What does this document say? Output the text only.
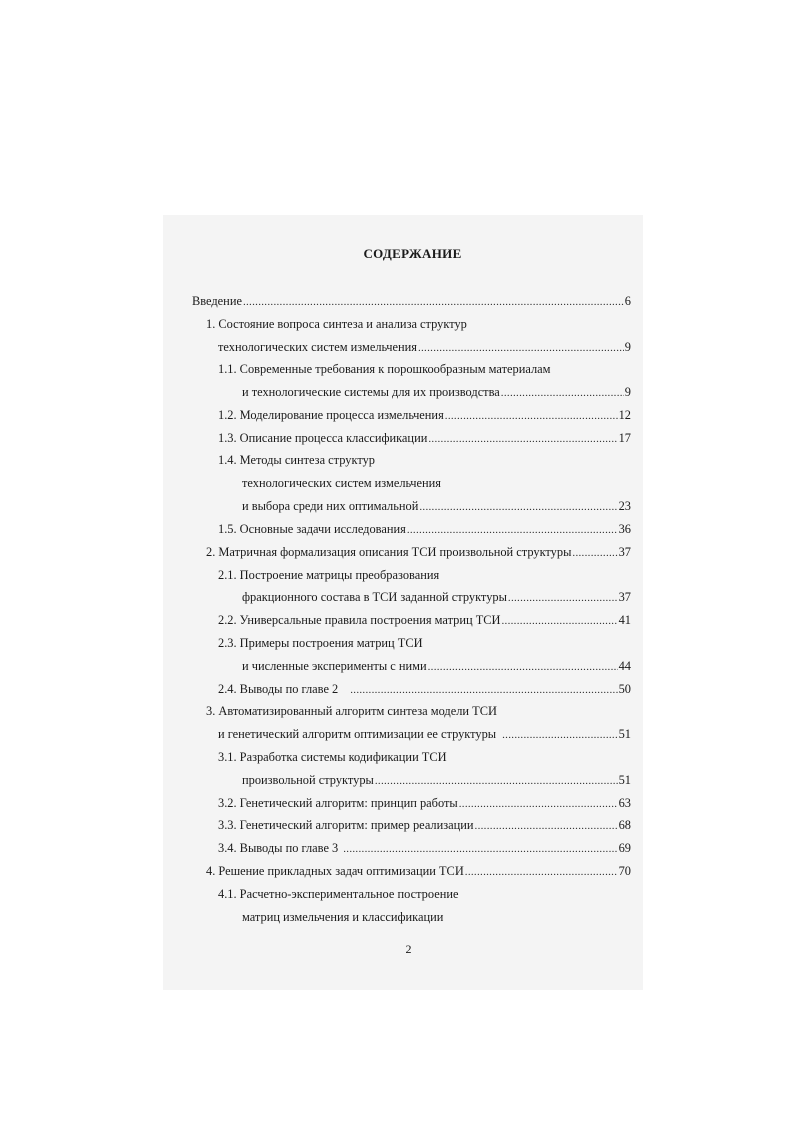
СОДЕРЖАНИЕ
Введение .....	6
1. Состояние вопроса синтеза и анализа структур
технологических систем измельчения .....	9
1.1. Современные требования к порошкообразным материалам
и технологические системы для их производства .....	9
1.2. Моделирование процесса измельчения .....	12
1.3. Описание процесса классификации .....	17
1.4. Методы синтеза структур
технологических систем измельчения
и выбора среди них оптимальной .....	23
1.5. Основные задачи исследования .....	36
2. Матричная формализация описания ТСИ произвольной структуры .....	37
2.1. Построение матрицы преобразования
фракционного состава в ТСИ заданной структуры .....	37
2.2. Универсальные правила построения матриц ТСИ .....	41
2.3. Примеры построения матриц ТСИ
и численные эксперименты с ними .....	44
2.4. Выводы по главе 2 .....	50
3. Автоматизированный алгоритм синтеза модели ТСИ
и генетический алгоритм оптимизации ее структуры .....	51
3.1. Разработка системы кодификации ТСИ
произвольной структуры .....	51
3.2. Генетический алгоритм: принцип работы .....	63
3.3. Генетический алгоритм: пример реализации .....	68
3.4. Выводы по главе 3 .....	69
4. Решение прикладных задач оптимизации ТСИ .....	70
4.1. Расчетно-экспериментальное построение
матриц измельчения и классификации
2
